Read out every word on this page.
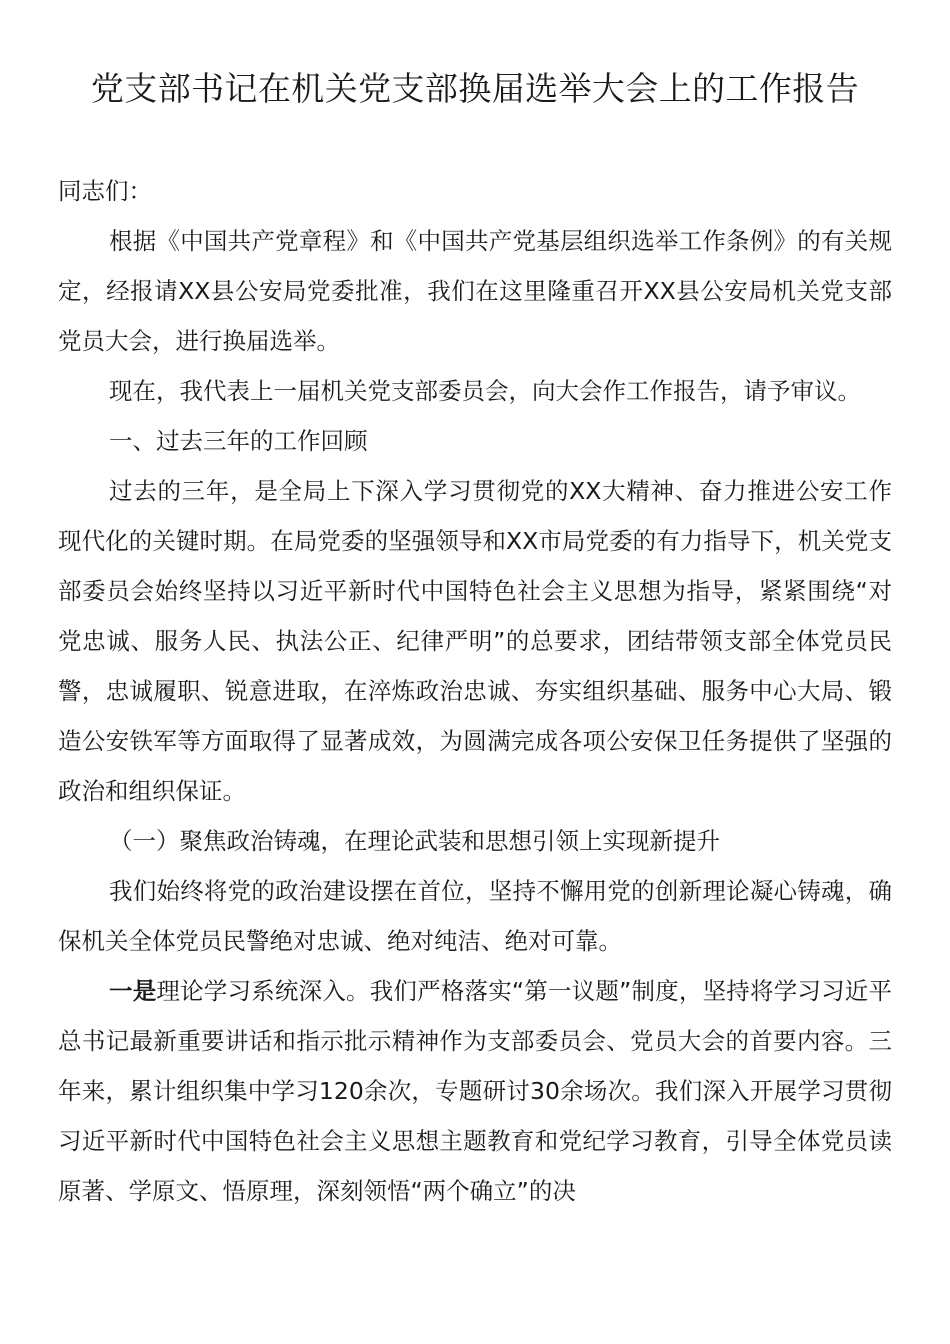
党支部书记在机关党支部换届选举大会上的工作报告

同志们：

根据《中国共产党章程》和《中国共产党基层组织选举工作条例》的有关规定，经报请XX县公安局党委批准，我们在这里隆重召开XX县公安局机关党支部党员大会，进行换届选举。

现在，我代表上一届机关党支部委员会，向大会作工作报告，请予审议。

一、过去三年的工作回顾

过去的三年，是全局上下深入学习贯彻党的XX大精神、奋力推进公安工作现代化的关键时期。在局党委的坚强领导和XX市局党委的有力指导下，机关党支部委员会始终坚持以习近平新时代中国特色社会主义思想为指导，紧紧围绕“对党忠诚、服务人民、执法公正、纪律严明”的总要求，团结带领支部全体党员民警，忠诚履职、锐意进取，在淬炼政治忠诚、夯实组织基础、服务中心大局、锻造公安铁军等方面取得了显著成效，为圆满完成各项公安保卫任务提供了坚强的政治和组织保证。

（一）聚焦政治铸魂，在理论武装和思想引领上实现新提升

我们始终将党的政治建设摆在首位，坚持不懈用党的创新理论凝心铸魂，确保机关全体党员民警绝对忠诚、绝对纯洁、绝对可靠。

一是理论学习系统深入。我们严格落实“第一议题”制度，坚持将学习习近平总书记最新重要讲话和指示批示精神作为支部委员会、党员大会的首要内容。三年来，累计组织集中学习120余次，专题研讨30余场次。我们深入开展学习贯彻习近平新时代中国特色社会主义思想主题教育和党纪学习教育，引导全体党员读原著、学原文、悟原理，深刻领悟“两个确立”的决
